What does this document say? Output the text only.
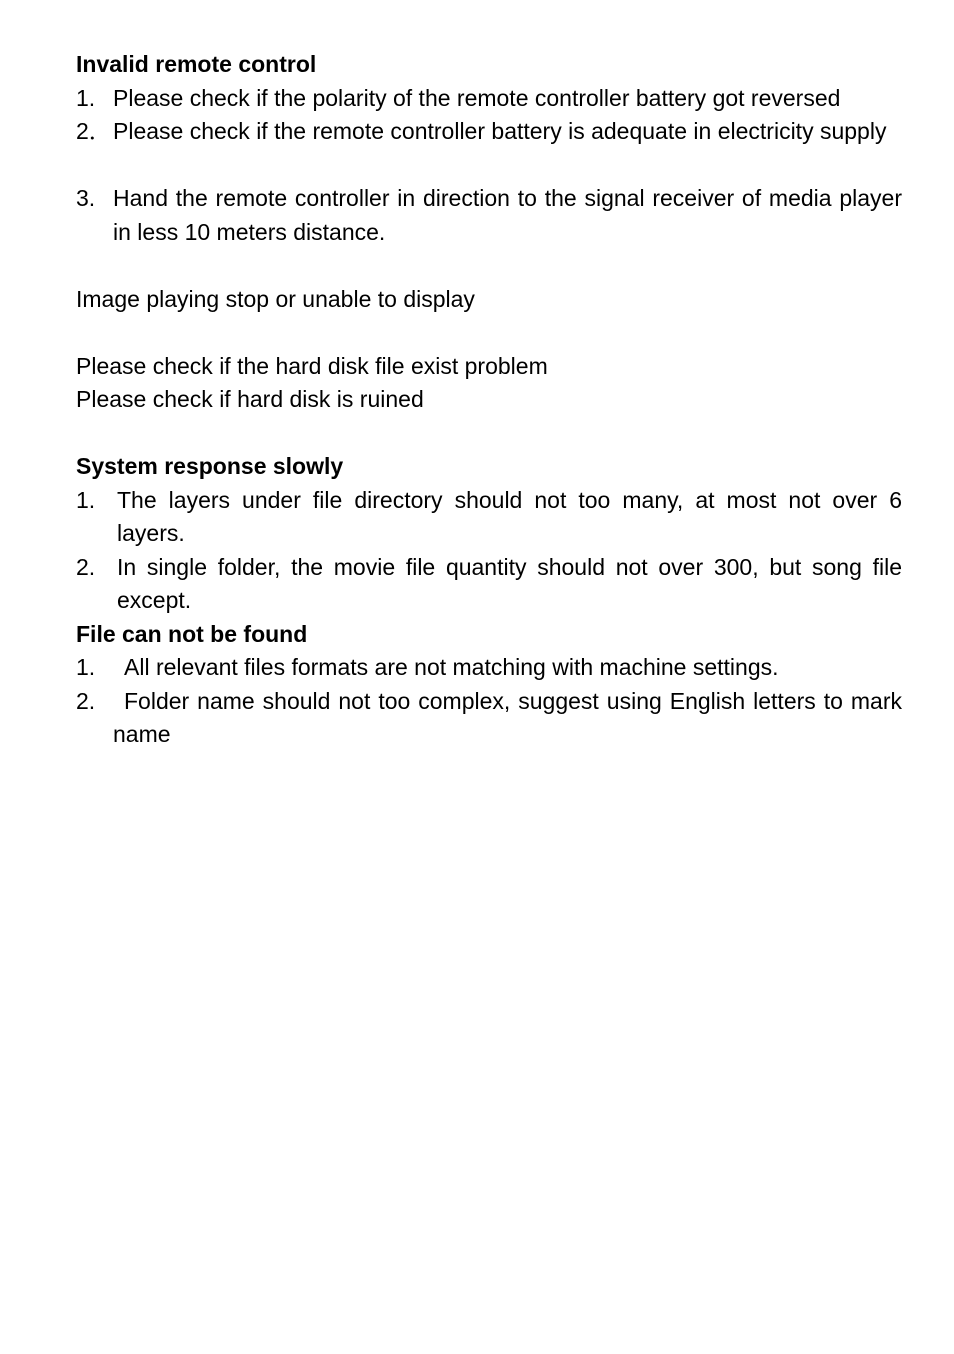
Invalid remote control

1. Please check if the polarity of the remote controller battery got reversed
2． Please check if the remote controller battery is adequate in electricity supply
3. Hand the remote controller in direction to the signal receiver of media player in less 10 meters distance.

Image playing stop or unable to display

Please check if the hard disk file exist problem

Please check if hard disk is ruined

System response slowly

1. The layers under file directory should not too many, at most not over 6 layers.
2. In single folder, the movie file quantity should not over 300, but song file except.

File can not be found

1. All relevant files formats are not matching with machine settings.
2. Folder name should not too complex, suggest using English letters to mark name
